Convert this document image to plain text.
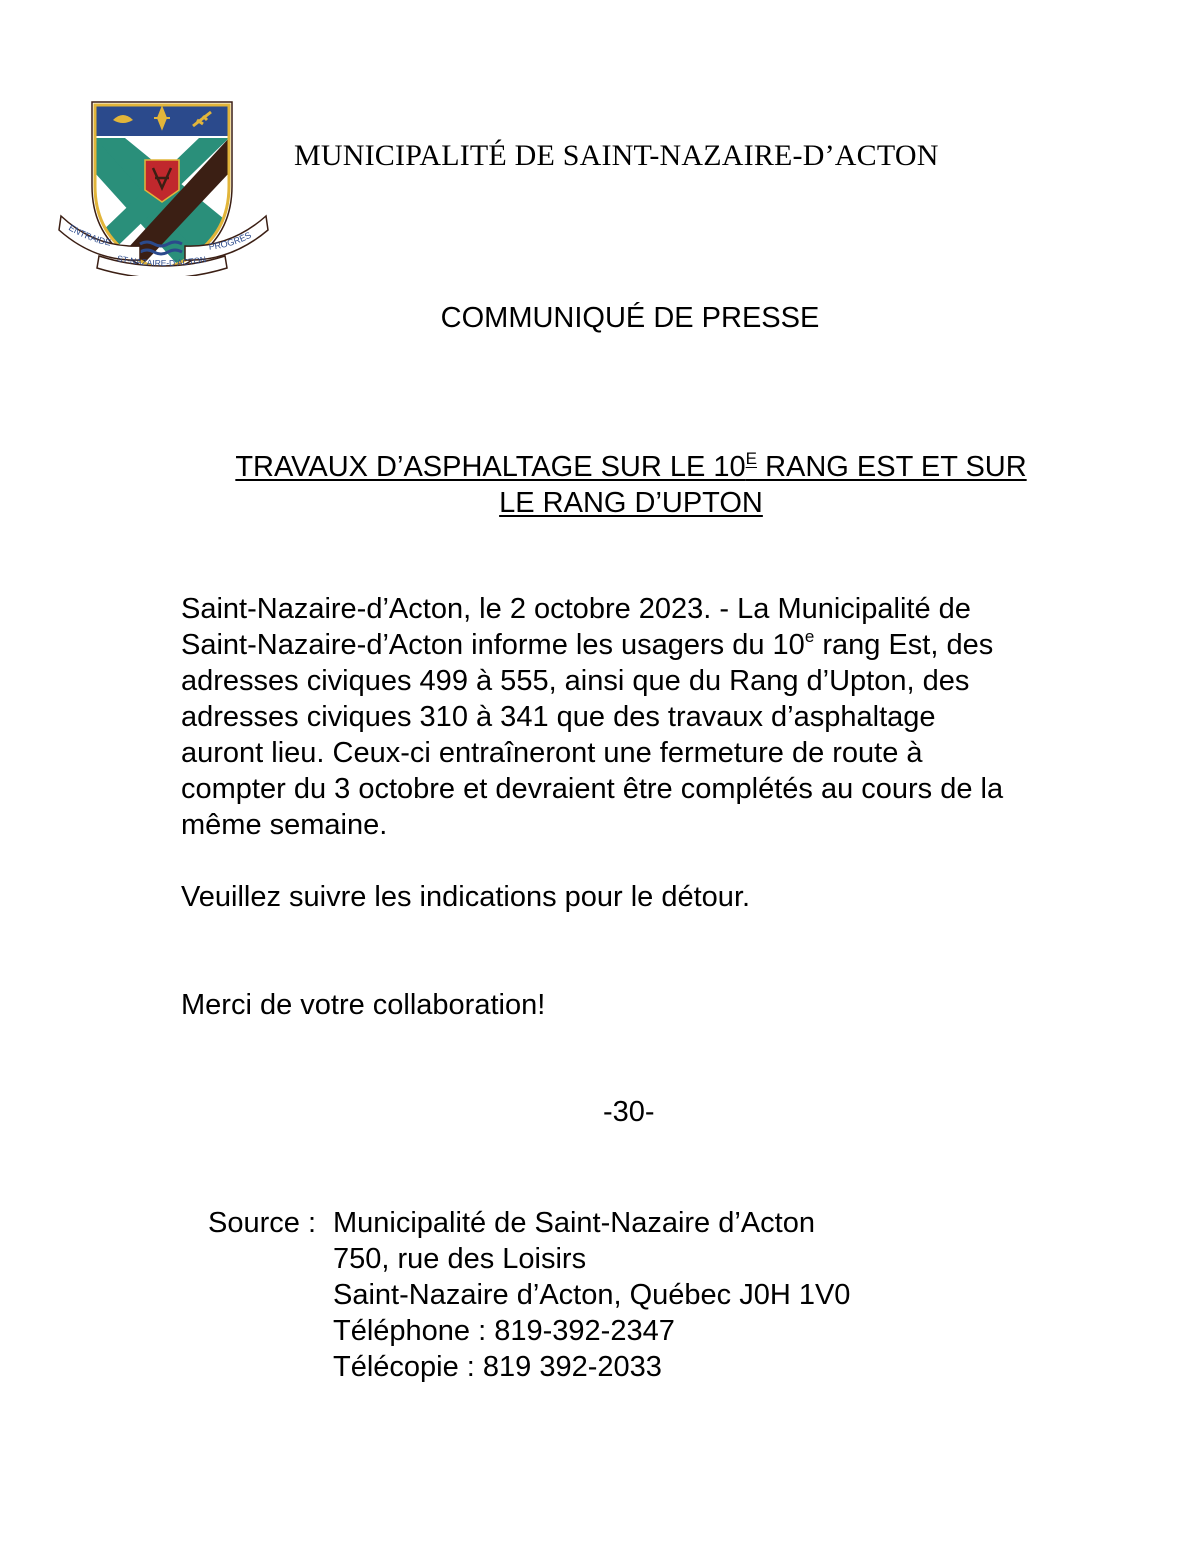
ENTRAIDE	PROGRÈS
ST-NAZAIRE-D’ACTON
MUNICIPALITÉ DE SAINT-NAZAIRE-D’ACTON
COMMUNIQUÉ DE PRESSE
TRAVAUX D’ASPHALTAGE SUR LE $10^E$ RANG EST ET SUR
LE RANG D’UPTON
Saint-Nazaire-d’Acton, le 2 octobre 2023. - La Municipalité de
Saint-Nazaire-d’Acton informe les usagers du 10e rang Est, des
adresses civiques 499 à 555, ainsi que du Rang d’Upton, des
adresses civiques 310 à 341 que des travaux d’asphaltage
auront lieu. Ceux-ci entraîneront une fermeture de route à
compter du 3 octobre et devraient être complétés au cours de la
même semaine.
Veuillez suivre les indications pour le détour.
Merci de votre collaboration!
-30-
Source : Municipalité de Saint-Nazaire d’Acton
750, rue des Loisirs
Saint-Nazaire d’Acton, Québec J0H 1V0
Téléphone : 819-392-2347
Télécopie : 819 392-2033
